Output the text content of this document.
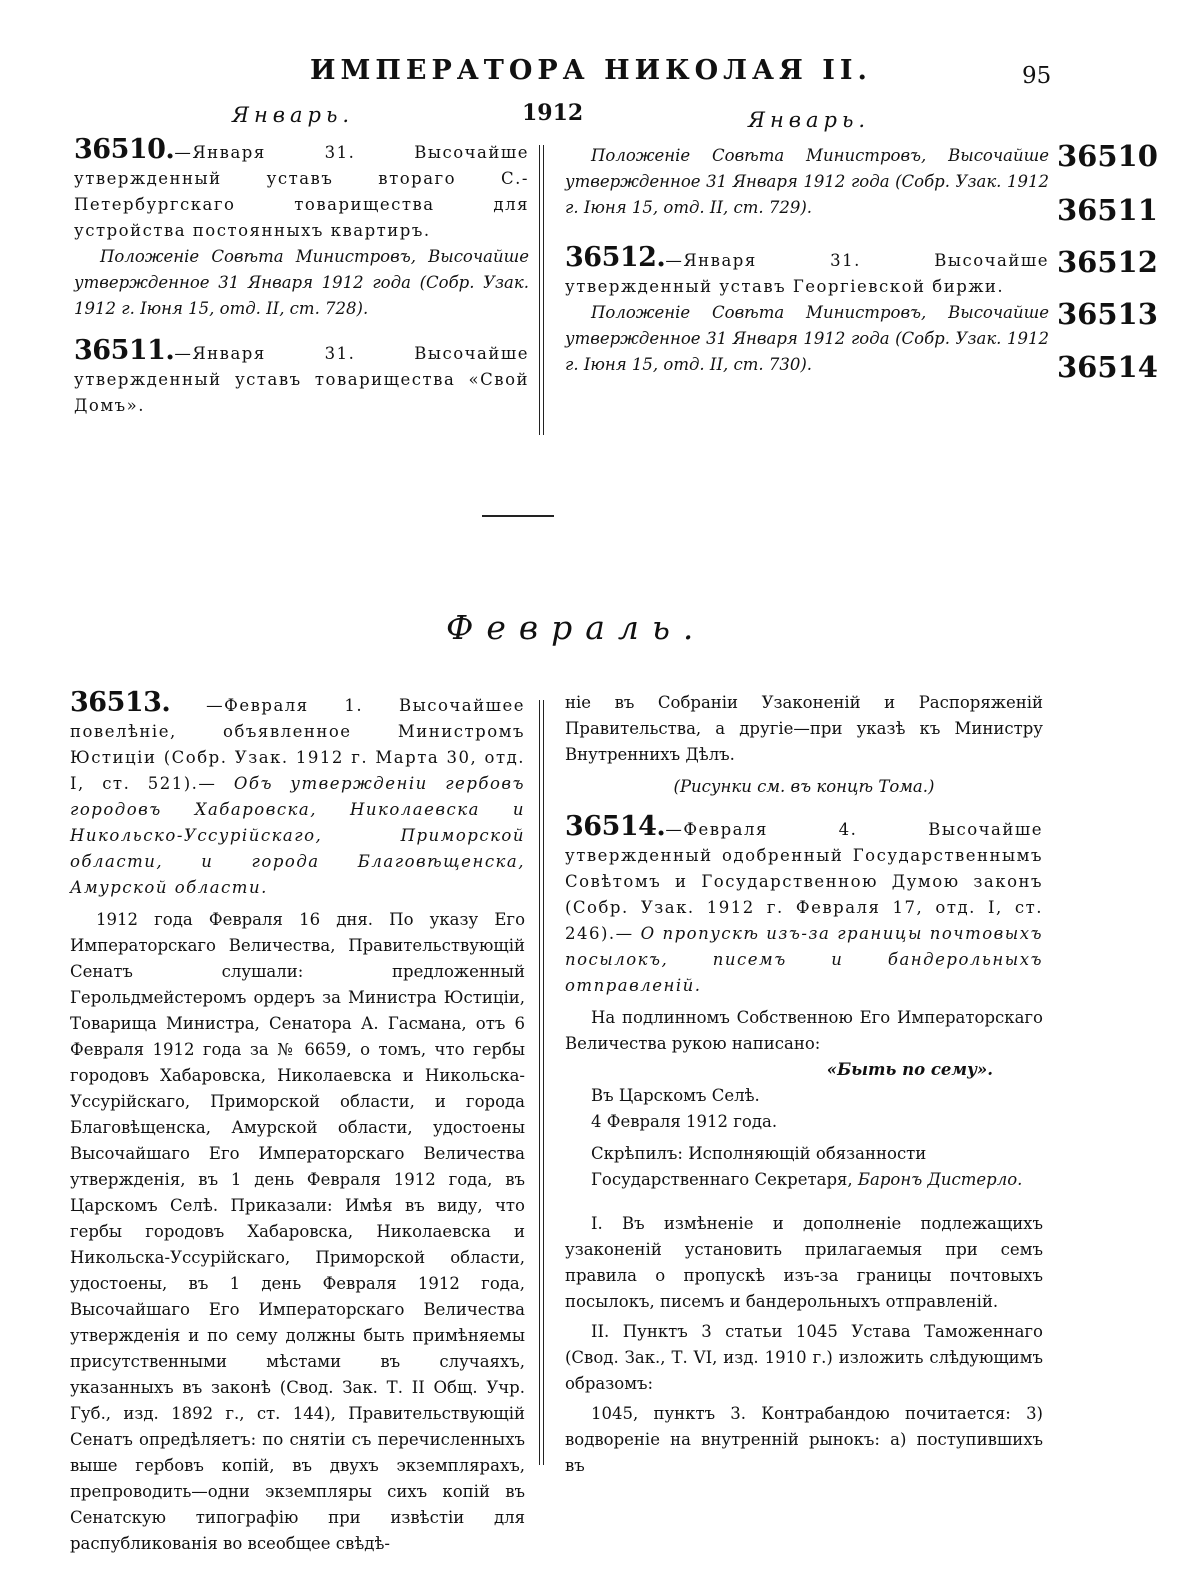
ИМПЕРАТОРА НИКОЛАЯ II.	95
Январь.	1912	Январь.

36510.—Января 31. Высочайше утвержденный уставъ втораго С.-Петербургскаго товарищества для устройства постоянныхъ квартиръ.

Положеніе Совѣта Министровъ, Высочайше утвержденное 31 Января 1912 года (Собр. Узак. 1912 г. Іюня 15, отд. II, ст. 728).

36511.—Января 31. Высочайше утвержденный уставъ товарищества «Свой Домъ».

Положеніе Совѣта Министровъ, Высочайше утвержденное 31 Января 1912 года (Собр. Узак. 1912 г. Іюня 15, отд. II, ст. 729).

36512.—Января 31. Высочайше утвержденный уставъ Георгіевской биржи.

Положеніе Совѣта Министровъ, Высочайше утвержденное 31 Января 1912 года (Собр. Узак. 1912 г. Іюня 15, отд. II, ст. 730).

36510
36511
36512
36513
36514
Февраль.

36513. —Февраля 1. Высочайшее повелѣніе, объявленное Министромъ Юстиціи (Собр. Узак. 1912 г. Марта 30, отд. I, ст. 521).— Объ утвержденіи гербовъ городовъ Хабаровска, Николаевска и Никольско-Уссурійскаго, Приморской области, и города Благовѣщенска, Амурской области.

1912 года Февраля 16 дня. По указу Его Императорскаго Величества, Правительствующій Сенатъ слушали: предложенный Герольдмейстеромъ ордеръ за Министра Юстиціи, Товарища Министра, Сенатора А. Гасмана, отъ 6 Февраля 1912 года за № 6659, о томъ, что гербы городовъ Хабаровска, Николаевска и Никольска-Уссурійскаго, Приморской области, и города Благовѣщенска, Амурской области, удостоены Высочайшаго Его Императорскаго Величества утвержденія, въ 1 день Февраля 1912 года, въ Царскомъ Селѣ. Приказали: Имѣя въ виду, что гербы городовъ Хабаровска, Николаевска и Никольска-Уссурійскаго, Приморской области, удостоены, въ 1 день Февраля 1912 года, Высочайшаго Его Императорскаго Величества утвержденія и по сему должны быть примѣняемы присутственными мѣстами въ случаяхъ, указанныхъ въ законѣ (Свод. Зак. Т. II Общ. Учр. Губ., изд. 1892 г., ст. 144), Правительствующій Сенатъ опредѣляетъ: по снятіи съ перечисленныхъ выше гербовъ копій, въ двухъ экземплярахъ, препроводить—одни экземпляры сихъ копій въ Сенатскую типографію при извѣстіи для распубликованія во всеобщее свѣдѣ-

ніе въ Собраніи Узаконеній и Распоряженій Правительства, а другіе—при указѣ къ Министру Внутреннихъ Дѣлъ.

(Рисунки см. въ концѣ Тома.)

36514.—Февраля 4. Высочайше утвержденный одобренный Государственнымъ Совѣтомъ и Государственною Думою законъ (Собр. Узак. 1912 г. Февраля 17, отд. I, ст. 246).— О пропускѣ изъ-за границы почтовыхъ посылокъ, писемъ и бандерольныхъ отправленій.

На подлинномъ Собственною Его Императорскаго Величества рукою написано:

«Быть по сему».

Въ Царскомъ Селѣ.

4 Февраля 1912 года.

Скрѣпилъ: Исполняющій обязанности

Государственнаго Секретаря, Баронъ Дистерло.

I. Въ измѣненіе и дополненіе подлежащихъ узаконеній установить прилагаемыя при семъ правила о пропускѣ изъ-за границы почтовыхъ посылокъ, писемъ и бандерольныхъ отправленій.

II. Пунктъ 3 статьи 1045 Устава Таможеннаго (Свод. Зак., Т. VI, изд. 1910 г.) изложить слѣдующимъ образомъ:

1045, пунктъ 3. Контрабандою почитается: 3) водвореніе на внутренній рынокъ: а) поступившихъ въ
